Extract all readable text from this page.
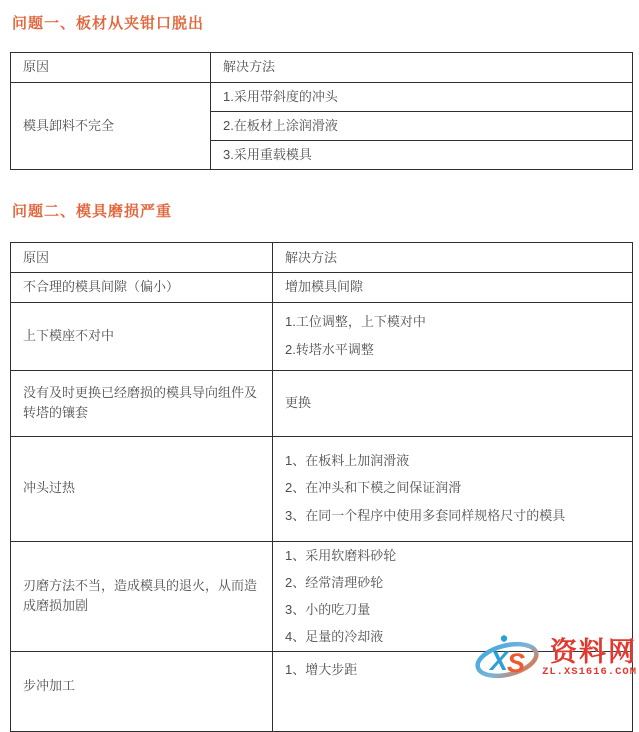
问题一、板材从夹钳口脱出
原因	解决方法
模具卸料不完全	1.采用带斜度的冲头
	2.在板材上涂润滑液
	3.采用重载模具
问题二、模具磨损严重
原因	解决方法
不合理的模具间隙（偏小）	增加模具间隙
上下模座不对中	1.工位调整，上下模对中
2.转塔水平调整

没有及时更换已经磨损的模具导向组件及转塔的镶套	更换
冲头过热	1、在板料上加润滑液
2、在冲头和下模之间保证润滑
3、在同一个程序中使用多套同样规格尺寸的模具

刃磨方法不当，造成模具的退火，从而造成磨损加剧	1、采用软磨料砂轮
2、经常清理砂轮
3、小的吃刀量
4、足量的冷却液

步冲加工	1、增大步距	X
S 资料网
ZL.XS1616.COM
